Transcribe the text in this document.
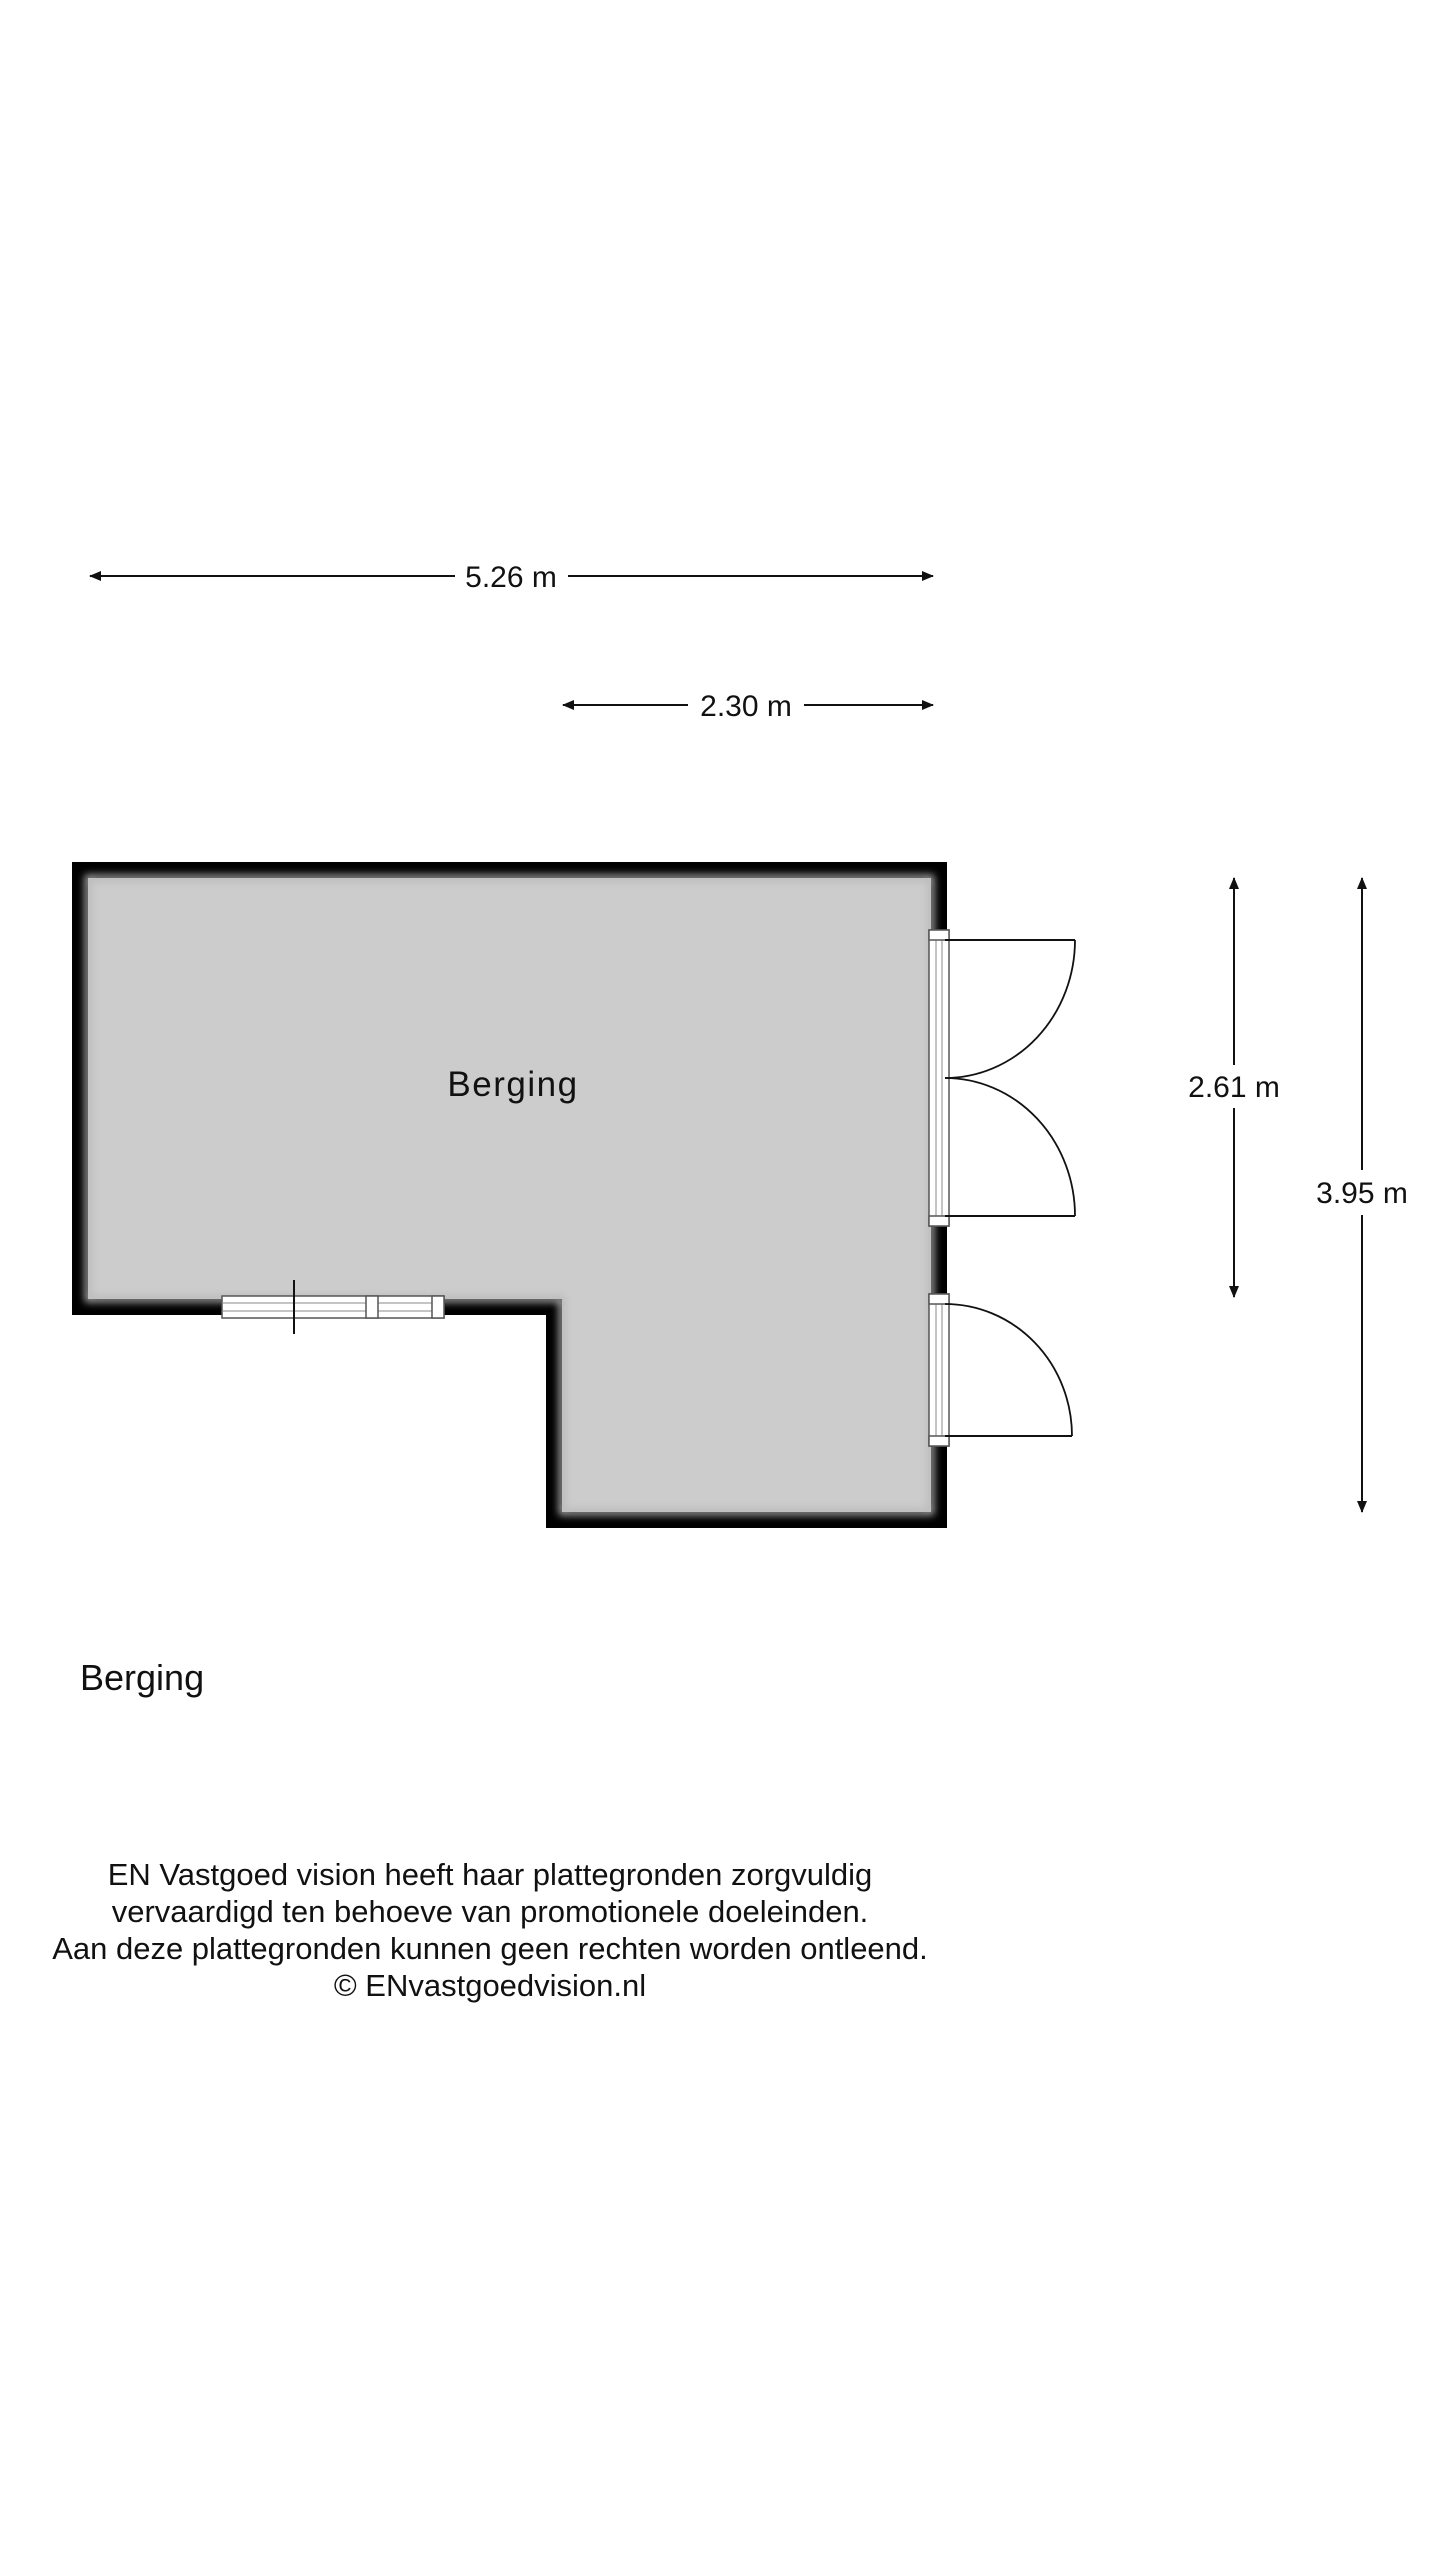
5.26 m
2.30 m
Berging	2.61 m
3.95 m
Berging
EN Vastgoed vision heeft haar plattegronden zorgvuldig
vervaardigd ten behoeve van promotionele doeleinden.
Aan deze plattegronden kunnen geen rechten worden ontleend.
© ENvastgoedvision.nl
